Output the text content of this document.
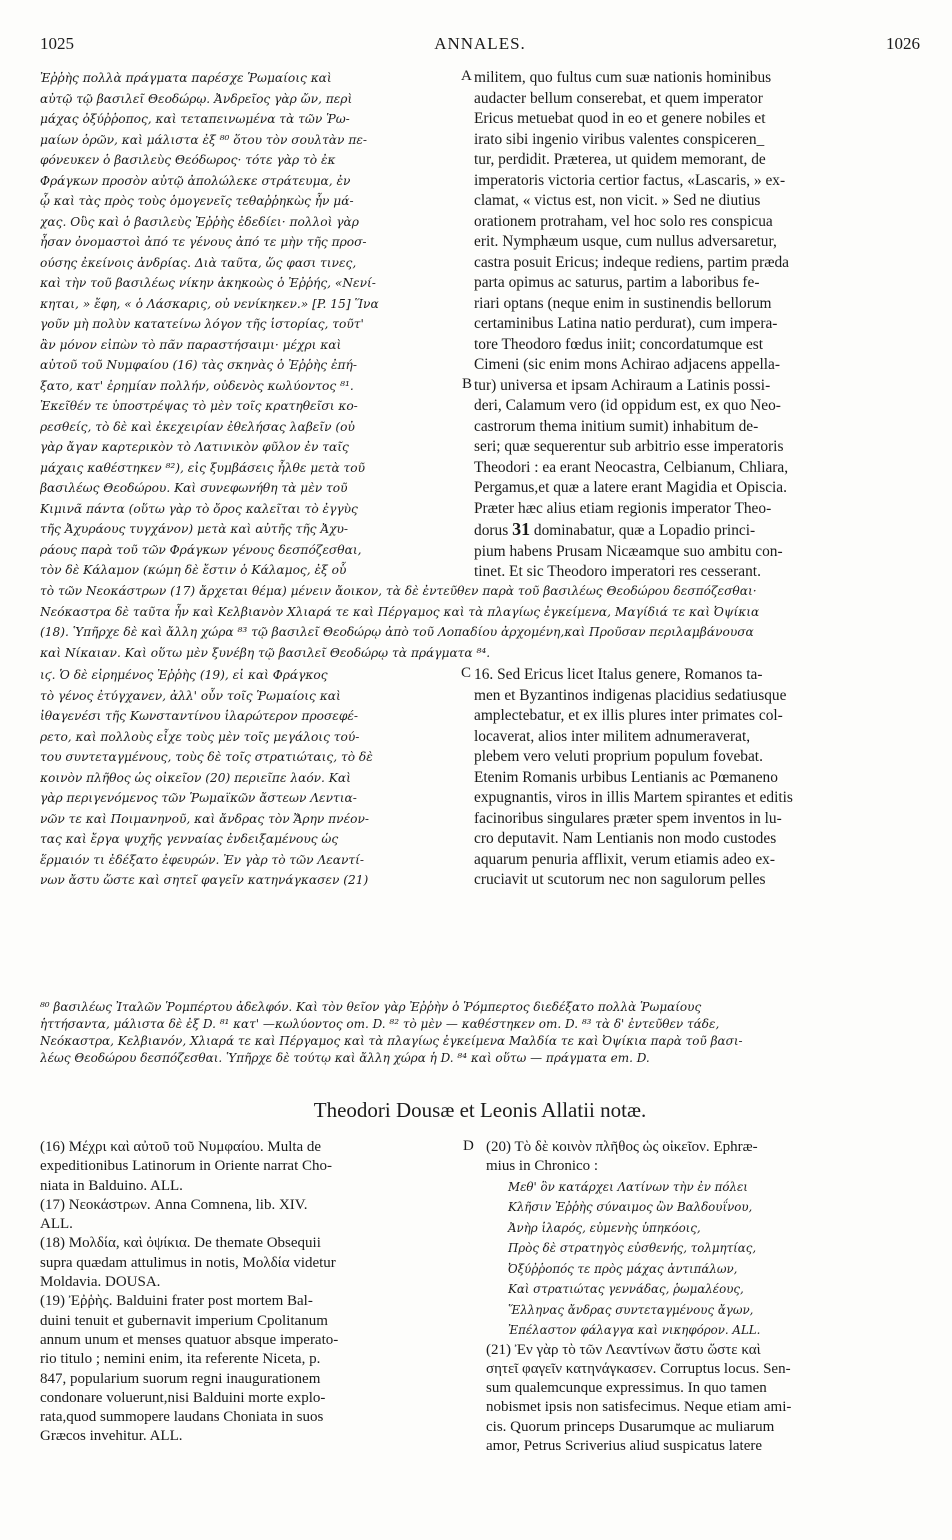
1025	ANNALES.	1026
Ἐῤῥὴς πολλὰ πράγματα παρέσχε Ῥωμαίοις καὶ
αὐτῷ τῷ βασιλεῖ Θεοδώρῳ. Ἀνδρεῖος γὰρ ὤν, περὶ
μάχας ὀξύῤῥοπος, καὶ τεταπεινωμένα τὰ τῶν Ῥω-
μαίων ὁρῶν, καὶ μάλιστα ἐξ ⁸⁰ ὅτου τὸν σουλτὰν πε-
φόνευκεν ὁ βασιλεὺς Θεόδωρος· τότε γὰρ τὸ ἐκ
Φράγκων προσὸν αὐτῷ ἀπολώλεκε στράτευμα, ἐν
ᾧ καὶ τὰς πρὸς τοὺς ὁμογενεῖς τεθαῤῥηκὼς ἦν μά-
χας. Οὓς καὶ ὁ βασιλεὺς Ἐῤῥὴς ἐδεδίει· πολλοὶ γὰρ
ἦσαν ὀνομαστοὶ ἀπό τε γένους ἀπό τε μὴν τῆς προσ-
ούσης ἐκείνοις ἀνδρίας. Διὰ ταῦτα, ὥς φασι τινες,
καὶ τὴν τοῦ βασιλέως νίκην ἀκηκοὼς ὁ Ἐῤῥής, «Νενί-
κηται, » ἔφη, « ὁ Λάσκαρις, οὐ νενίκηκεν.» [P. 15] Ἵνα
γοῦν μὴ πολὺν κατατείνω λόγον τῆς ἱστορίας, τοῦτ'
ἂν μόνον εἰπὼν τὸ πᾶν παραστήσαιμι· μέχρι καὶ
αὐτοῦ τοῦ Νυμφαίου (16) τὰς σκηνὰς ὁ Ἐῤῥὴς ἐπή-
ξατο, κατ' ἐρημίαν πολλήν, οὐδενὸς κωλύοντος ⁸¹.
Ἐκεῖθέν τε ὑποστρέψας τὸ μὲν τοῖς κρατηθεῖσι κο-
ρεσθείς, τὸ δὲ καὶ ἐκεχειρίαν ἐθελήσας λαβεῖν (οὐ
γὰρ ἄγαν καρτερικὸν τὸ Λατινικὸν φῦλον ἐν ταῖς
μάχαις καθέστηκεν ⁸²), εἰς ξυμβάσεις ἦλθε μετὰ τοῦ
βασιλέως Θεοδώρου. Καὶ συνεφωνήθη τὰ μὲν τοῦ
Κιμινᾶ πάντα (οὕτω γὰρ τὸ ὄρος καλεῖται τὸ ἐγγὺς
τῆς Ἀχυράους τυγχάνον) μετὰ καὶ αὐτῆς τῆς Ἀχυ-
ράους παρὰ τοῦ τῶν Φράγκων γένους δεσπόζεσθαι,
τὸν δὲ Κάλαμον (κώμη δὲ ἔστιν ὁ Κάλαμος, ἐξ οὗ
militem, quo fultus cum suæ nationis hominibus
audacter bellum conserebat, et quem imperator
Ericus metuebat quod in eo et genere nobiles et
irato sibi ingenio viribus valentes conspiceren_
tur, perdidit. Præterea, ut quidem memorant, de
imperatoris victoria certior factus, «Lascaris, » ex-
clamat, « victus est, non vicit. » Sed ne diutius
orationem protraham, vel hoc solo res conspicua
erit. Nymphæum usque, cum nullus adversaretur,
castra posuit Ericus; indeque rediens, partim præda
parta opimus ac saturus, partim a laboribus fe-
riari optans (neque enim in sustinendis bellorum
certaminibus Latina natio perdurat), cum impera-
tore Theodoro fœdus iniit; concordatumque est
Cimeni (sic enim mons Achirao adjacens appella-
tur) universa et ipsam Achiraum a Latinis possi-
deri, Calamum vero (id oppidum est, ex quo Neo-
castrorum thema initium sumit) inhabitum de-
seri; quæ sequerentur sub arbitrio esse imperatoris
Theodori : ea erant Neocastra, Celbianum, Chliara,
Pergamus,et quæ a latere erant Magidia et Opiscia.
Præter hæc alius etiam regionis imperator Theo-
dorus 31 dominabatur, quæ a Lopadio princi-
pium habens Prusam Nicæamque suo ambitu con-
tinet. Et sic Theodoro imperatori res cesserant.
A
B
τὸ τῶν Νεοκάστρων (17) ἄρχεται θέμα) μένειν ἄοικον, τὰ δὲ ἐντεῦθεν παρὰ τοῦ βασιλέως Θεοδώρου δεσπόζεσθαι·
Νεόκαστρα δὲ ταῦτα ἦν καὶ Κελβιανὸν Χλιαρά τε καὶ Πέργαμος καὶ τὰ πλαγίως ἐγκείμενα, Μαγίδιά τε καὶ Ὀψίκια
(18). Ὑπῆρχε δὲ καὶ ἄλλη χώρα ⁸³ τῷ βασιλεῖ Θεοδώρῳ ἀπὸ τοῦ Λοπαδίου ἀρχομένη,καὶ Προῦσαν περιλαμβάνουσα
καὶ Νίκαιαν. Καὶ οὕτω μὲν ξυνέβη τῷ βασιλεῖ Θεοδώρῳ τὰ πράγματα ⁸⁴.
ιϛ. Ὁ δὲ εἰρημένος Ἐῤῥὴς (19), εἰ καὶ Φράγκος
τὸ γένος ἐτύγχανεν, ἀλλ' οὖν τοῖς Ῥωμαίοις καὶ
ἰθαγενέσι τῆς Κωνσταντίνου ἱλαρώτερον προσεφέ-
ρετο, καὶ πολλοὺς εἶχε τοὺς μὲν τοῖς μεγάλοις τού-
του συντεταγμένους, τοὺς δὲ τοῖς στρατιώταις, τὸ δὲ
κοινὸν πλῆθος ὡς οἰκεῖον (20) περιεῖπε λαόν. Καὶ
γὰρ περιγενόμενος τῶν Ῥωμαϊκῶν ἄστεων Λεντια-
νῶν τε καὶ Ποιμανηνοῦ, καὶ ἄνδρας τὸν Ἄρην πνέον-
τας καὶ ἔργα ψυχῆς γενναίας ἐνδειξαμένους ὡς
ἕρμαιόν τι ἐδέξατο ἐφευρών. Ἐν γὰρ τὸ τῶν Λεαντί-
νων ἄστυ ὥστε καὶ σητεῖ φαγεῖν κατηνάγκασεν (21)
16. Sed Ericus licet Italus genere, Romanos ta-
men et Byzantinos indigenas placidius sedatiusque
amplectebatur, et ex illis plures inter primates col-
locaverat, alios inter militem adnumeraverat,
plebem vero veluti proprium populum fovebat.
Etenim Romanis urbibus Lentianis ac Pœmaneno
expugnantis, viros in illis Martem spirantes et editis
facinoribus singulares præter spem inventos in lu-
cro deputavit. Nam Lentianis non modo custodes
aquarum penuria afflixit, verum etiamis adeo ex-
cruciavit ut scutorum nec non sagulorum pelles
C
⁸⁰ βασιλέως Ἰταλῶν Ῥομπέρτου ἀδελφόν. Καὶ τὸν θεῖον γὰρ Ἐῤῥὴν ὁ Ῥόμπερτος διεδέξατο πολλὰ Ῥωμαίους
ἡττήσαντα, μάλιστα δὲ ἐξ D. ⁸¹ κατ' —κωλύοντος om. D. ⁸² τὸ μὲν — καθέστηκεν om. D. ⁸³ τὰ δ' ἐντεῦθεν τάδε,
Νεόκαστρα, Κελβιανόν, Χλιαρά τε καὶ Πέργαμος καὶ τὰ πλαγίως ἐγκείμενα Μαλδία τε καὶ Ὀψίκια παρὰ τοῦ βασι-
λέως Θεοδώρου δεσπόζεσθαι. Ὑπῆρχε δὲ τούτῳ καὶ ἄλλη χώρα ἡ D. ⁸⁴ καὶ οὕτω — πράγματα em. D.
Theodori Dousæ et Leonis Allatii notæ.
(16) Μέχρι καὶ αὐτοῦ τοῦ Νυμφαίου. Multa de
expeditionibus Latinorum in Oriente narrat Cho-
niata in Balduino. ALL.
(17) Νεοκάστρων. Anna Comnena, lib. XIV.
ALL.
(18) Μολδία, καὶ ὀψίκια. De themate Obsequii
supra quædam attulimus in notis, Μολδία videtur
Moldavia. DOUSA.
(19) Ἐῤῥὴς. Balduini frater post mortem Bal-
duini tenuit et gubernavit imperium Cpolitanum
annum unum et menses quatuor absque imperato-
rio titulo ; nemini enim, ita referente Niceta, p.
847, popularium suorum regni inaugurationem
condonare voluerunt,nisi Balduini morte explo-
rata,quod summopere laudans Choniata in suos
Græcos invehitur. ALL.
D (20) Τὸ δὲ κοινὸν πλῆθος ὡς οἰκεῖον. Ephræ-
mius in Chronico :
Μεθ' ὃν κατάρχει Λατίνων τὴν ἐν πόλει
Κλῆσιν Ἐῤῥὴς σύναιμος ὢν Βαλδουΐνου,
Ἀνὴρ ἱλαρός, εὐμενὴς ὑπηκόοις,
Πρὸς δὲ στρατηγὸς εὐσθενής, τολμητίας,
Ὀξύῤῥοπός τε πρὸς μάχας ἀντιπάλων,
Καὶ στρατιώτας γεννάδας, ῥωμαλέους,
Ἕλληνας ἄνδρας συντεταγμένους ἄγων,
Ἐπέλαστον φάλαγγα καὶ νικηφόρον. ALL.
(21) Ἐν γὰρ τὸ τῶν Λεαντίνων ἄστυ ὥστε καὶ
σητεῖ φαγεῖν κατηνάγκασεν. Corruptus locus. Sen-
sum qualemcunque expressimus. In quo tamen
nobismet ipsis non satisfecimus. Neque etiam ami-
cis. Quorum princeps Dusarumque ac muliarum
amor, Petrus Scriverius aliud suspicatus latere
